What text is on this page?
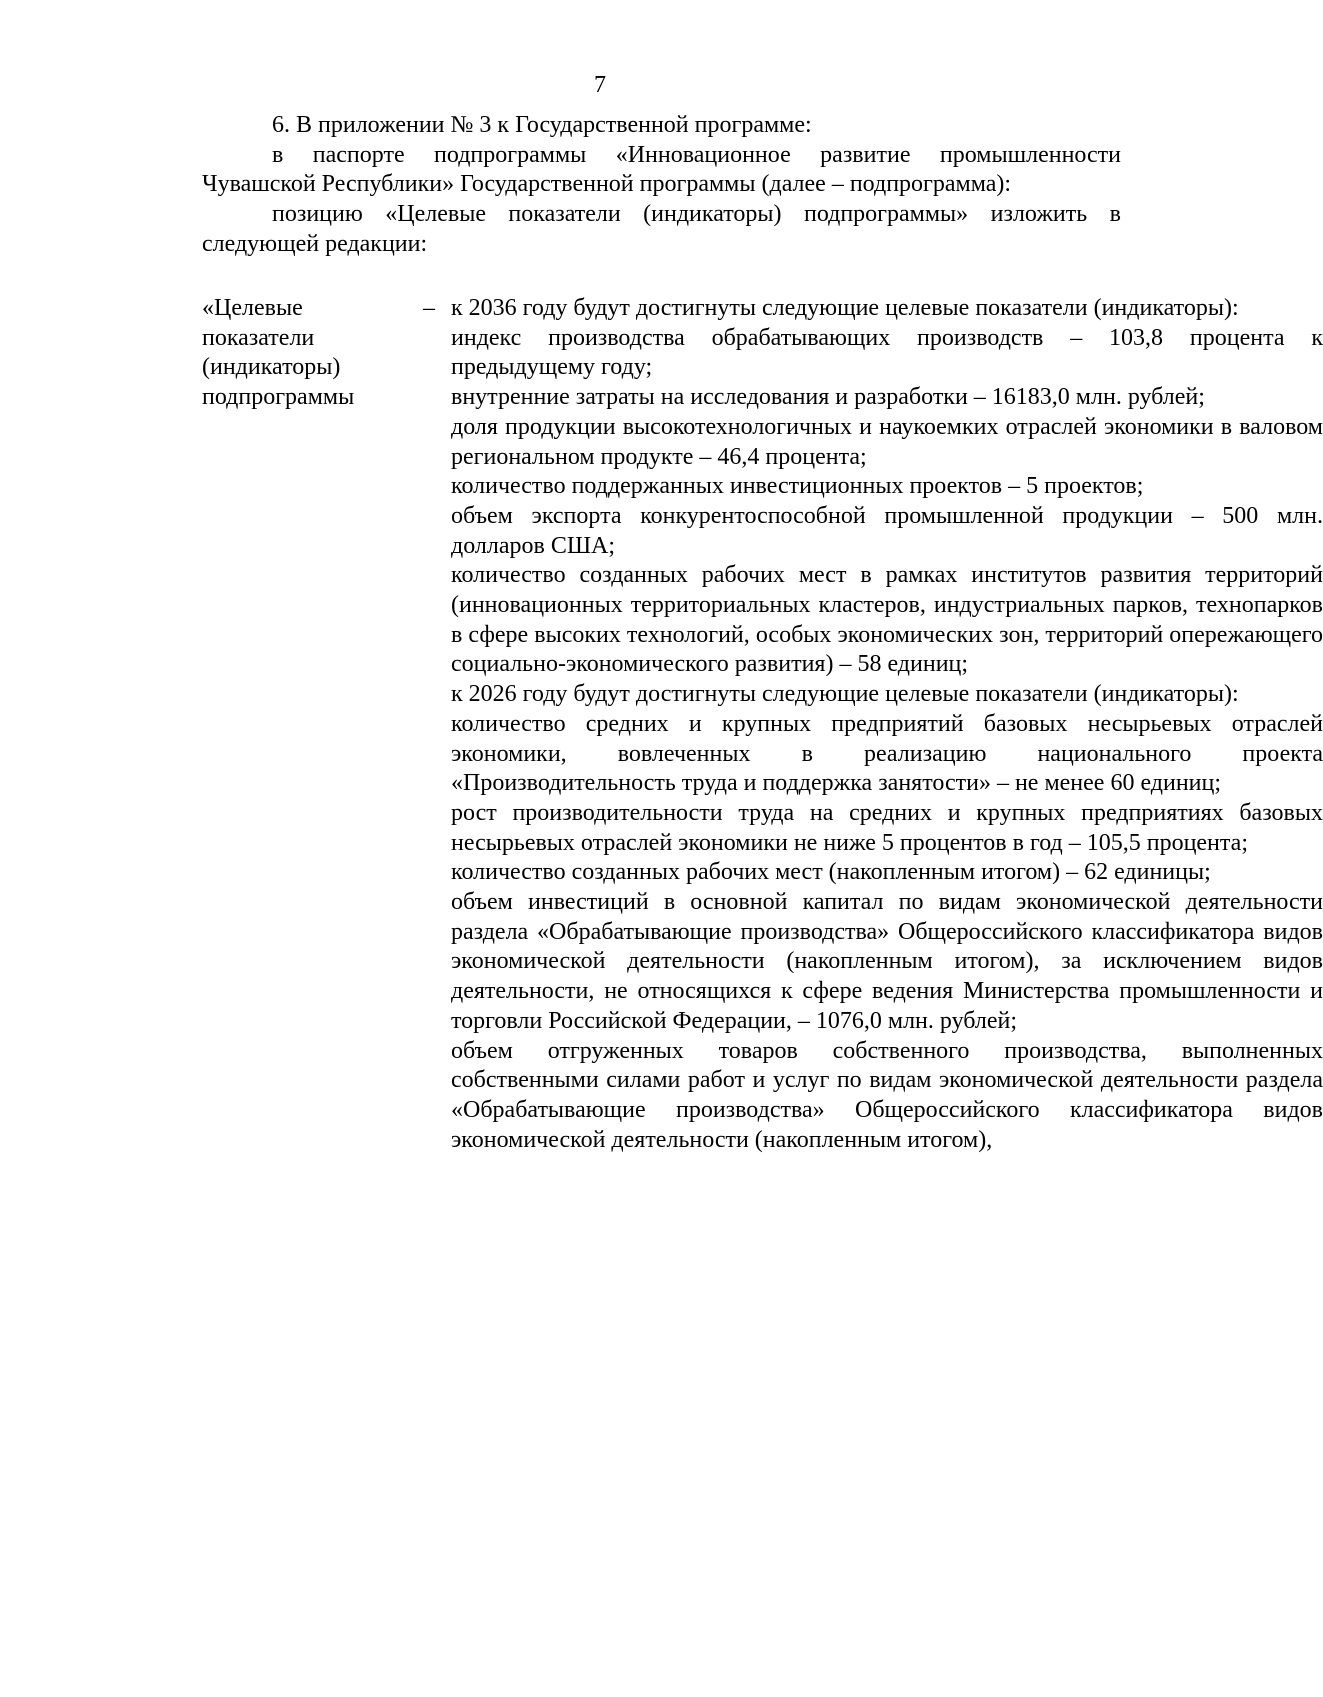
7

6. В приложении № 3 к Государственной программе:

в паспорте подпрограммы «Инновационное развитие промышленности Чувашской Республики» Государственной программы (далее – подпрограмма):

позицию «Целевые показатели (индикаторы) подпрограммы» изложить в следующей редакции:

«Целевые показатели (индикаторы) подпрограммы
– к 2036 году будут достигнуты следующие целевые показатели (индикаторы):

индекс производства обрабатывающих производств – 103,8 процента к предыдущему году;

внутренние затраты на исследования и разработки – 16183,0 млн. рублей;

доля продукции высокотехнологичных и наукоемких отраслей экономики в валовом региональном продукте – 46,4 процента;

количество поддержанных инвестиционных проектов – 5 проектов;

объем экспорта конкурентоспособной промышленной продукции – 500 млн. долларов США;

количество созданных рабочих мест в рамках институтов развития территорий (инновационных территориальных кластеров, индустриальных парков, технопарков в сфере высоких технологий, особых экономических зон, территорий опережающего социально-экономического развития) – 58 единиц;

к 2026 году будут достигнуты следующие целевые показатели (индикаторы):

количество средних и крупных предприятий базовых несырьевых отраслей экономики, вовлеченных в реализацию национального проекта «Производительность труда и поддержка занятости» – не менее 60 единиц;

рост производительности труда на средних и крупных предприятиях базовых несырьевых отраслей экономики не ниже 5 процентов в год – 105,5 процента;

количество созданных рабочих мест (накопленным итогом) – 62 единицы;

объем инвестиций в основной капитал по видам экономической деятельности раздела «Обрабатывающие производства» Общероссийского классификатора видов экономической деятельности (накопленным итогом), за исключением видов деятельности, не относящихся к сфере ведения Министерства промышленности и торговли Российской Федерации, – 1076,0 млн. рублей;

объем отгруженных товаров собственного производства, выполненных собственными силами работ и услуг по видам экономической деятельности раздела «Обрабатывающие производства» Общероссийского классификатора видов экономической деятельности (накопленным итогом),
